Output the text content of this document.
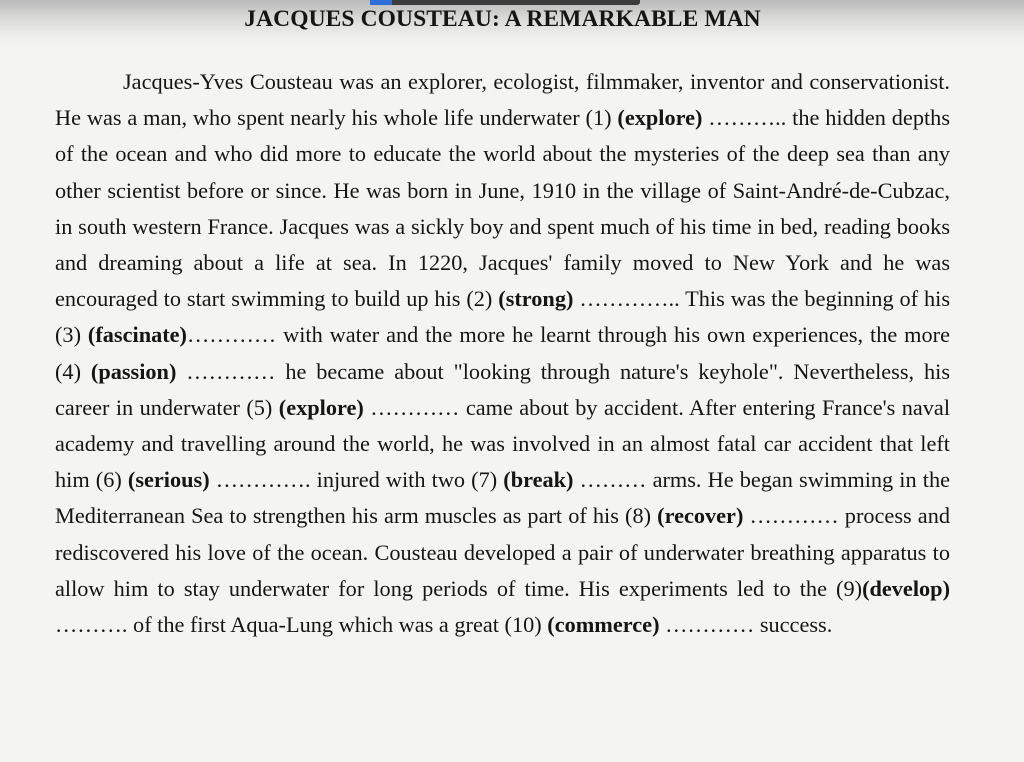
JACQUES COUSTEAU: A REMARKABLE MAN

Jacques-Yves Cousteau was an explorer, ecologist, filmmaker, inventor and conservationist. He was a man, who spent nearly his whole life underwater (1) (explore) ……….. the hidden depths of the ocean and who did more to educate the world about the mysteries of the deep sea than any other scientist before or since. He was born in June, 1910 in the village of Saint-André-de-Cubzac, in south western France. Jacques was a sickly boy and spent much of his time in bed, reading books and dreaming about a life at sea. In 1220, Jacques' family moved to New York and he was encouraged to start swimming to build up his (2) (strong) ………….. This was the beginning of his (3) (fascinate)………… with water and the more he learnt through his own experiences, the more (4) (passion) ………… he became about "looking through nature's keyhole". Nevertheless, his career in underwater (5) (explore) ………… came about by accident. After entering France's naval academy and travelling around the world, he was involved in an almost fatal car accident that left him (6) (serious) …………. injured with two (7) (break) ……… arms. He began swimming in the Mediterranean Sea to strengthen his arm muscles as part of his (8) (recover) ………… process and rediscovered his love of the ocean. Cousteau developed a pair of underwater breathing apparatus to allow him to stay underwater for long periods of time. His experiments led to the (9)(develop) ………. of the first Aqua-Lung which was a great (10) (commerce) ………… success.
